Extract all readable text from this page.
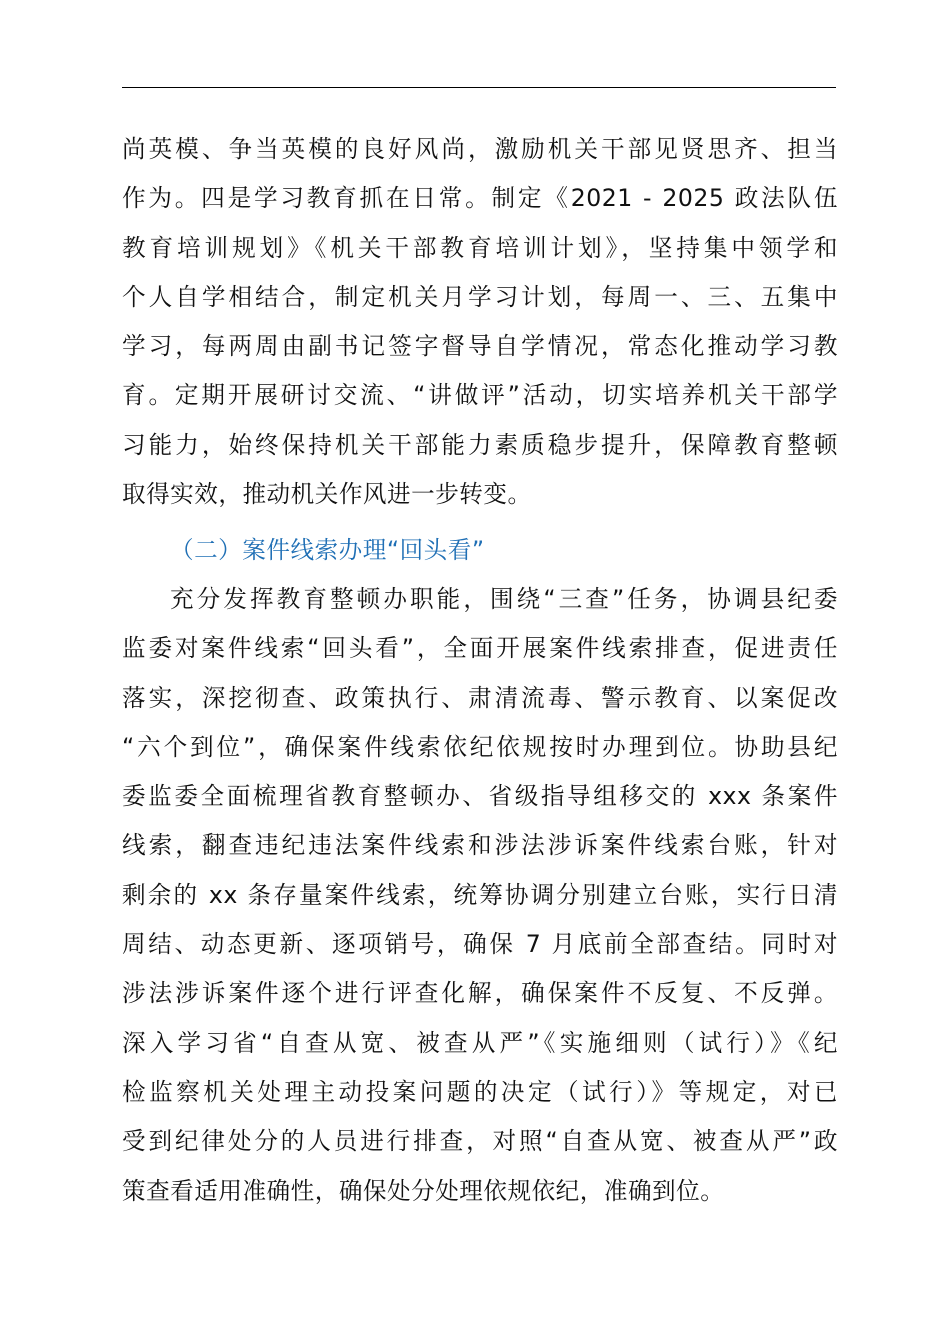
尚英模、争当英模的良好风尚，激励机关干部见贤思齐、担当
作为。四是学习教育抓在日常。制定《2021 - 2025 政法队伍
教育培训规划》《机关干部教育培训计划》，坚持集中领学和
个人自学相结合，制定机关月学习计划，每周一、三、五集中
学习，每两周由副书记签字督导自学情况，常态化推动学习教
育。定期开展研讨交流、“讲做评”活动，切实培养机关干部学
习能力，始终保持机关干部能力素质稳步提升，保障教育整顿
取得实效，推动机关作风进一步转变。
（二）案件线索办理“回头看”
充分发挥教育整顿办职能，围绕“三查”任务，协调县纪委
监委对案件线索“回头看”，全面开展案件线索排查，促进责任
落实，深挖彻查、政策执行、肃清流毒、警示教育、以案促改
“六个到位”，确保案件线索依纪依规按时办理到位。协助县纪
委监委全面梳理省教育整顿办、省级指导组移交的 xxx 条案件
线索，翻查违纪违法案件线索和涉法涉诉案件线索台账，针对
剩余的 xx 条存量案件线索，统筹协调分别建立台账，实行日清
周结、动态更新、逐项销号，确保 7 月底前全部查结。同时对
涉法涉诉案件逐个进行评查化解，确保案件不反复、不反弹。
深入学习省“自查从宽、被查从严”《实施细则（试行）》《纪
检监察机关处理主动投案问题的决定（试行）》等规定，对已
受到纪律处分的人员进行排查，对照“自查从宽、被查从严”政
策查看适用准确性，确保处分处理依规依纪，准确到位。
